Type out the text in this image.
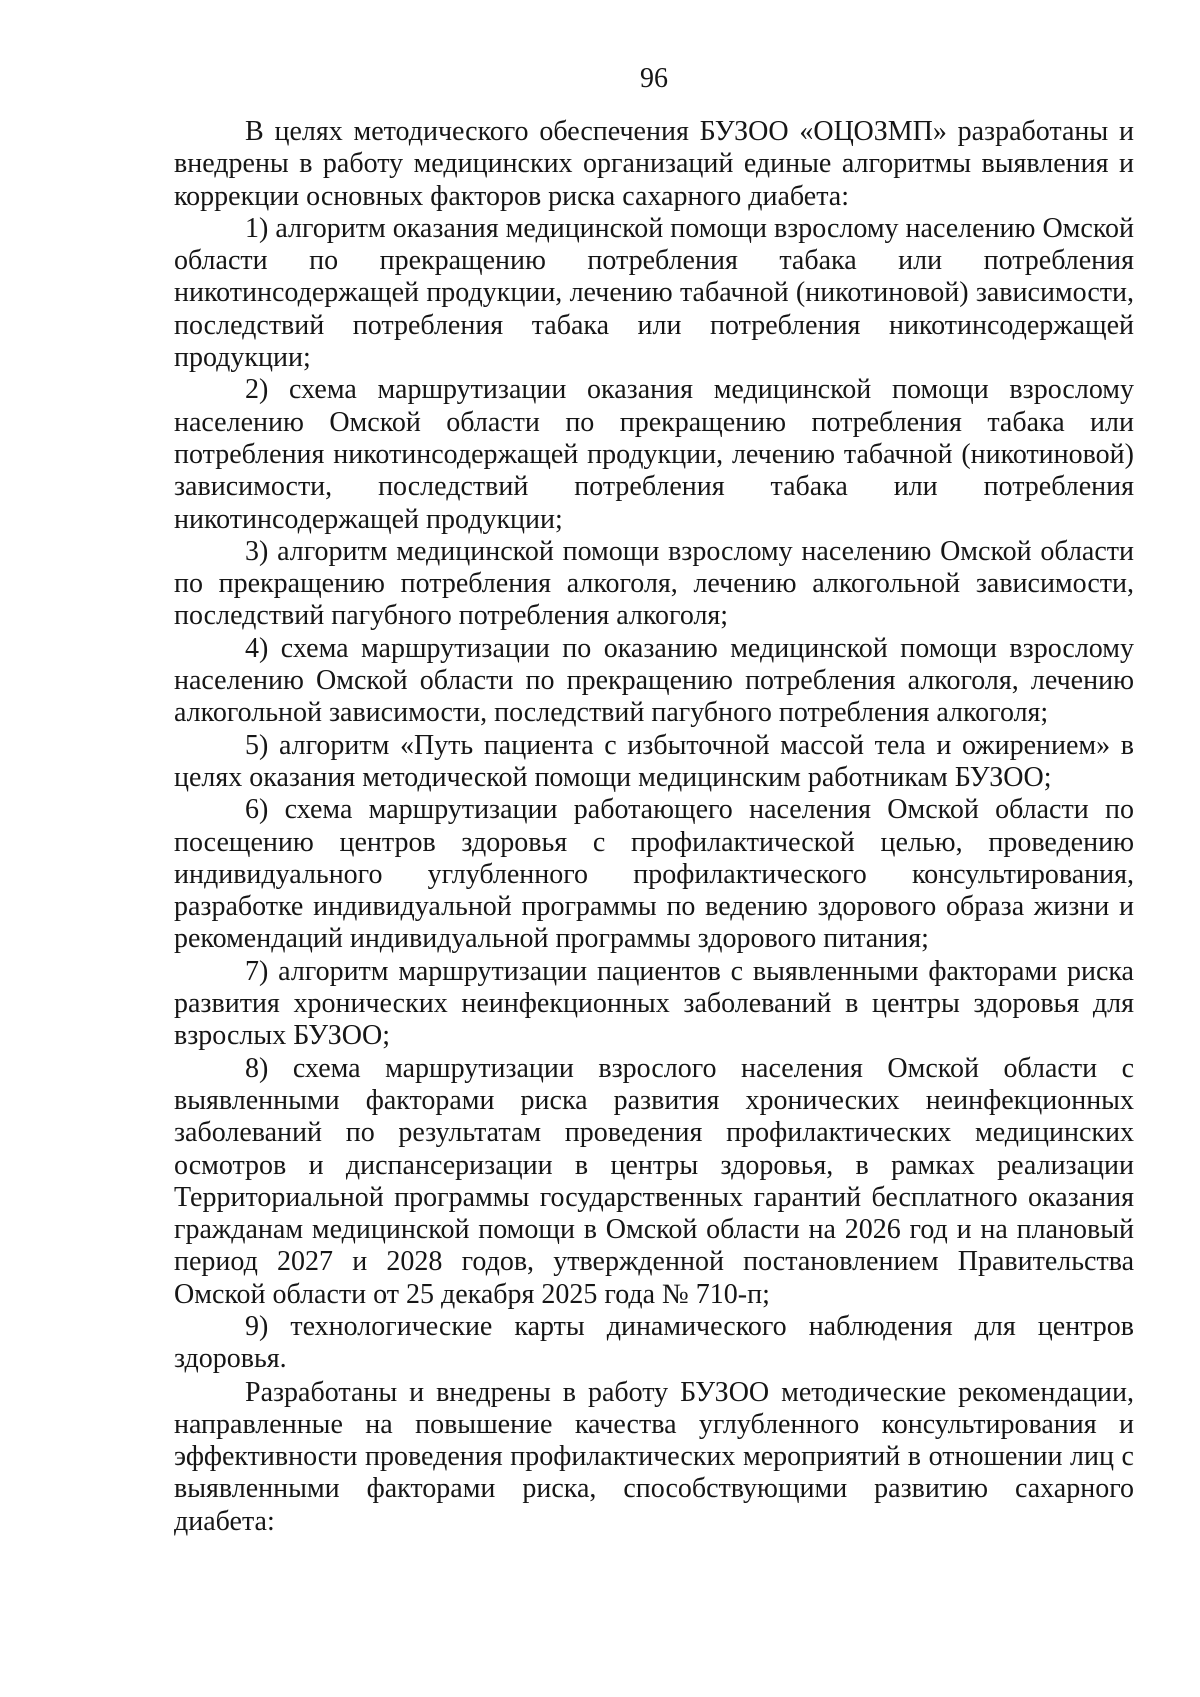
96

В целях методического обеспечения БУЗОО «ОЦОЗМП» разработаны и внедрены в работу медицинских организаций единые алгоритмы выявления и коррекции основных факторов риска сахарного диабета:

1) алгоритм оказания медицинской помощи взрослому населению Омской области по прекращению потребления табака или потребления никотинсодержащей продукции, лечению табачной (никотиновой) зависимости, последствий потребления табака или потребления никотинсодержащей продукции;

2) схема маршрутизации оказания медицинской помощи взрослому населению Омской области по прекращению потребления табака или потребления никотинсодержащей продукции, лечению табачной (никотиновой) зависимости, последствий потребления табака или потребления никотинсодержащей продукции;

3) алгоритм медицинской помощи взрослому населению Омской области по прекращению потребления алкоголя, лечению алкогольной зависимости, последствий пагубного потребления алкоголя;

4) схема маршрутизации по оказанию медицинской помощи взрослому населению Омской области по прекращению потребления алкоголя, лечению алкогольной зависимости, последствий пагубного потребления алкоголя;

5) алгоритм «Путь пациента с избыточной массой тела и ожирением» в целях оказания методической помощи медицинским работникам БУЗОО;

6) схема маршрутизации работающего населения Омской области по посещению центров здоровья с профилактической целью, проведению индивидуального углубленного профилактического консультирования, разработке индивидуальной программы по ведению здорового образа жизни и рекомендаций индивидуальной программы здорового питания;

7) алгоритм маршрутизации пациентов с выявленными факторами риска развития хронических неинфекционных заболеваний в центры здоровья для взрослых БУЗОО;

8) схема маршрутизации взрослого населения Омской области с выявленными факторами риска развития хронических неинфекционных заболеваний по результатам проведения профилактических медицинских осмотров и диспансеризации в центры здоровья, в рамках реализации Территориальной программы государственных гарантий бесплатного оказания гражданам медицинской помощи в Омской области на 2026 год и на плановый период 2027 и 2028 годов, утвержденной постановлением Правительства Омской области от 25 декабря 2025 года № 710-п;

9) технологические карты динамического наблюдения для центров здоровья.

Разработаны и внедрены в работу БУЗОО методические рекомендации, направленные на повышение качества углубленного консультирования и эффективности проведения профилактических мероприятий в отношении лиц с выявленными факторами риска, способствующими развитию сахарного диабета:
